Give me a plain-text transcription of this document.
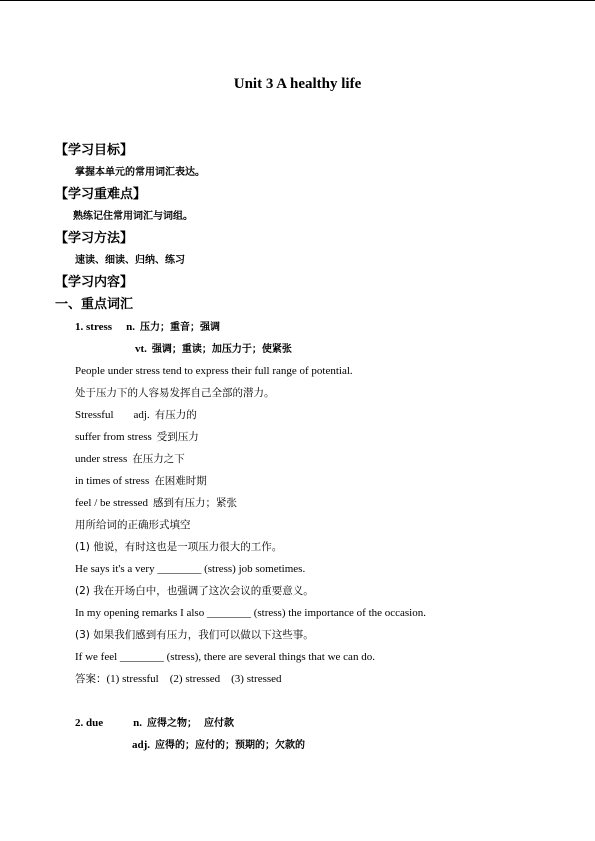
Unit 3 A healthy life
【学习目标】
掌握本单元的常用词汇表达。
【学习重难点】
熟练记住常用词汇与词组。
【学习方法】
速读、细读、归纳、练习
【学习内容】
一、重点词汇
1. stress n. 压力；重音；强调
vt. 强调；重读；加压力于；使紧张
People under stress tend to express their full range of potential.
处于压力下的人容易发挥自己全部的潜力。
Stressful adj. 有压力的
suffer from stress 受到压力
under stress 在压力之下
in times of stress 在困难时期
feel / be stressed 感到有压力；紧张
用所给词的正确形式填空
(1) 他说，有时这也是一项压力很大的工作。
He says it's a very ________ (stress) job sometimes.
(2) 我在开场白中，也强调了这次会议的重要意义。
In my opening remarks I also ________ (stress) the importance of the occasion.
(3) 如果我们感到有压力，我们可以做以下这些事。
If we feel ________ (stress), there are several things that we can do.
答案：(1) stressful    (2) stressed    (3) stressed
2. due	n. 应得之物；  应付款
adj. 应得的；应付的；预期的；欠款的
